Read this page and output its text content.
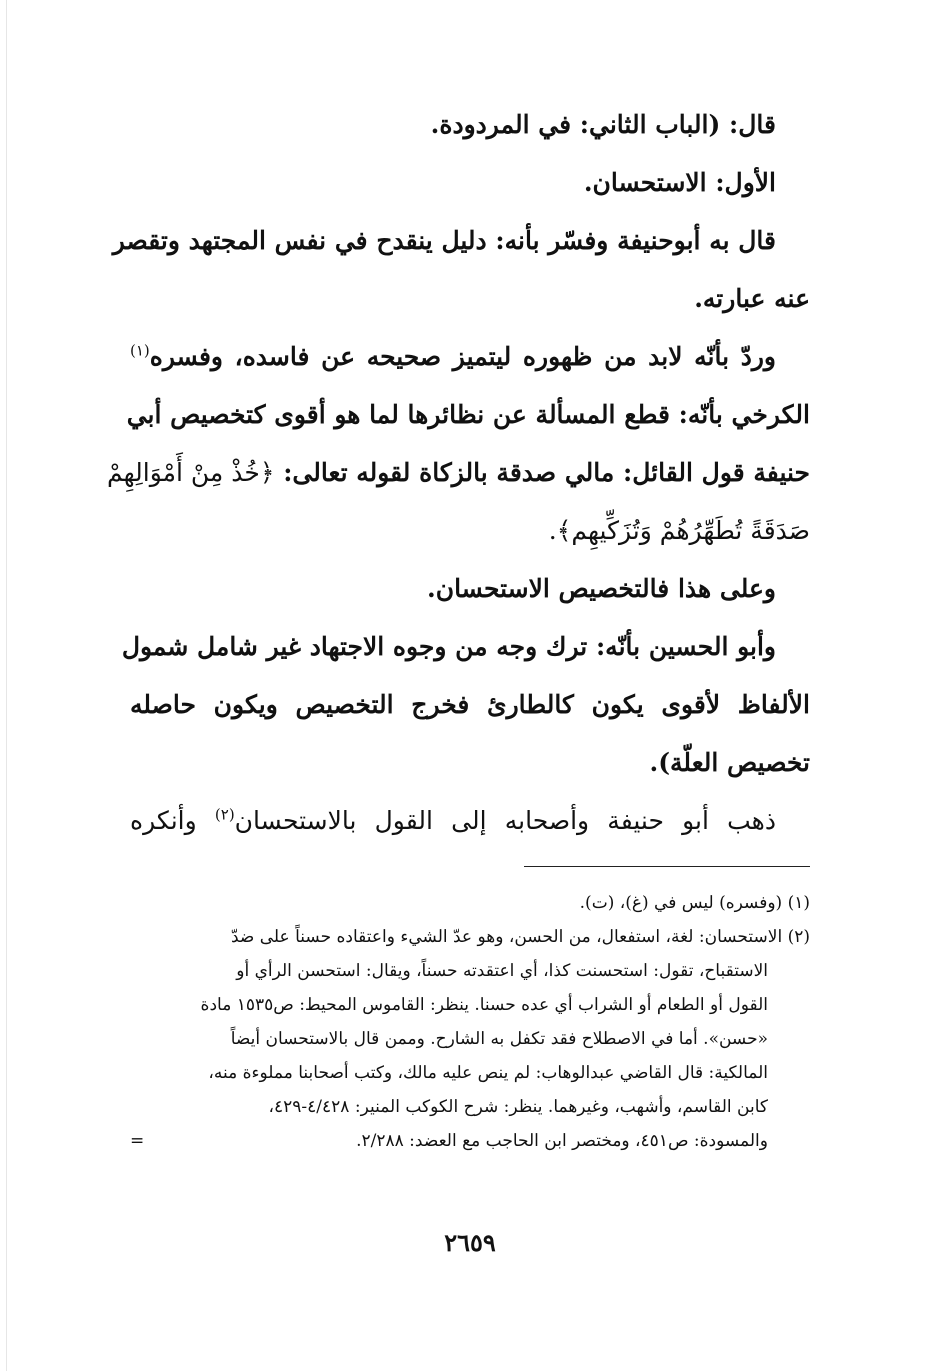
قال: (الباب الثاني: في المردودة.

الأول: الاستحسان.

قال به أبوحنيفة وفسّر بأنه: دليل ينقدح في نفس المجتهد وتقصر

عنه عبارته.

وردّ بأنّه لابد من ظهوره ليتميز صحيحه عن فاسده، وفسره$^{(١)}$

الكرخي بأنّه: قطع المسألة عن نظائرها لما هو أقوى كتخصيص أبي

حنيفة قول القائل: مالي صدقة بالزكاة لقوله تعالى: ﴿خُذْ مِنْ أَمْوَالِهِمْ

صَدَقَةً تُطَهِّرُهُمْ وَتُزَكِّيهِم﴾.

وعلى هذا فالتخصيص الاستحسان.

وأبو الحسين بأنّه: ترك وجه من وجوه الاجتهاد غير شامل شمول

الألفاظ لأقوى يكون كالطارئ فخرج التخصيص ويكون حاصله

تخصيص العلّة).

ذهب أبو حنيفة وأصحابه إلى القول بالاستحسان$^{(٢)}$ وأنكره

(١) (وفسره) ليس في (غ)، (ت).

(٢) الاستحسان: لغة، استفعال، من الحسن، وهو عدّ الشيء واعتقاده حسناً على ضدّ

الاستقباح، تقول: استحسنت كذا، أي اعتقدته حسناً، ويقال: استحسن الرأي أو

القول أو الطعام أو الشراب أي عده حسنا. ينظر: القاموس المحيط: ص١٥٣٥ مادة

«حسن». أما في الاصطلاح فقد تكفل به الشارح. وممن قال بالاستحسان أيضاً

المالكية: قال القاضي عبدالوهاب: لم ينص عليه مالك، وكتب أصحابنا مملوءة منه،

كابن القاسم، وأشهب، وغيرهما. ينظر: شرح الكوكب المنير: ٤/٤٢٨-٤٢٩،

والمسودة: ص٤٥١، ومختصر ابن الحاجب مع العضد: ٢/٢٨٨.
=

٢٦٥٩
